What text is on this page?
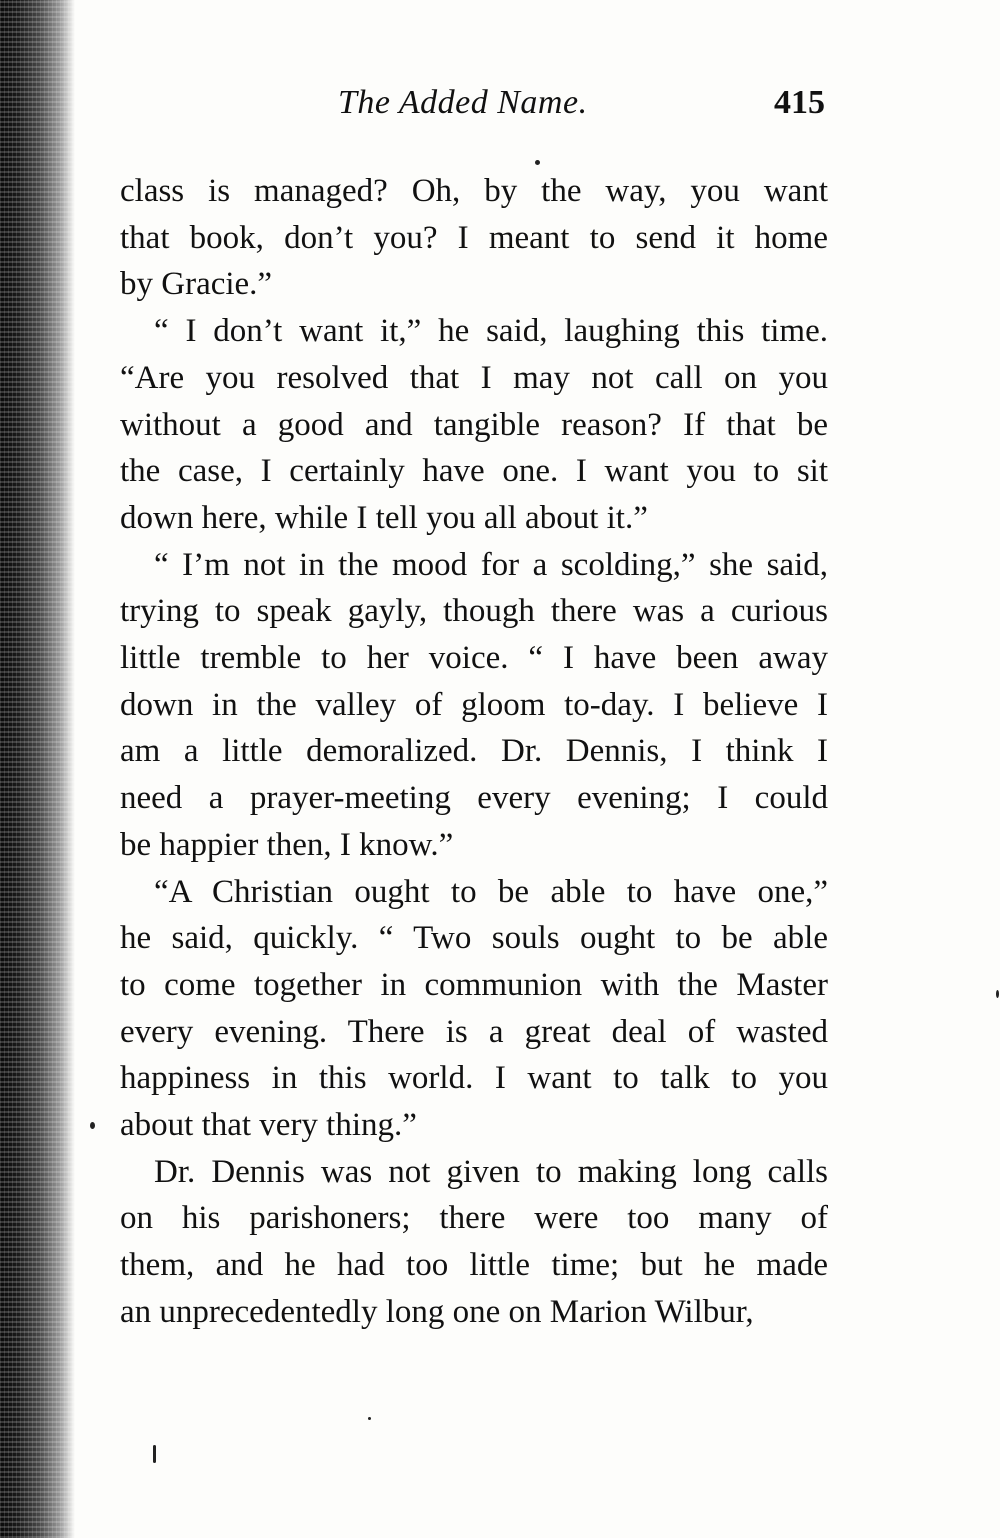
The Added Name.	415
class is managed? Oh, by the way, you want
that book, don’t you? I meant to send it home
by Gracie.”
“ I don’t want it,” he said, laughing this time.
“Are you resolved that I may not call on you
without a good and tangible reason? If that be
the case, I certainly have one. I want you to sit
down here, while I tell you all about it.”
“ I’m not in the mood for a scolding,” she said,
trying to speak gayly, though there was a curious
little tremble to her voice. “ I have been away
down in the valley of gloom to-day. I believe I
am a little demoralized. Dr. Dennis, I think I
need a prayer-meeting every evening; I could
be happier then, I know.”
“A Christian ought to be able to have one,”
he said, quickly. “ Two souls ought to be able
to come together in communion with the Master
every evening. There is a great deal of wasted
happiness in this world. I want to talk to you
about that very thing.”
Dr. Dennis was not given to making long calls
on his parishoners; there were too many of
them, and he had too little time; but he made
an unprecedentedly long one on Marion Wilbur,
